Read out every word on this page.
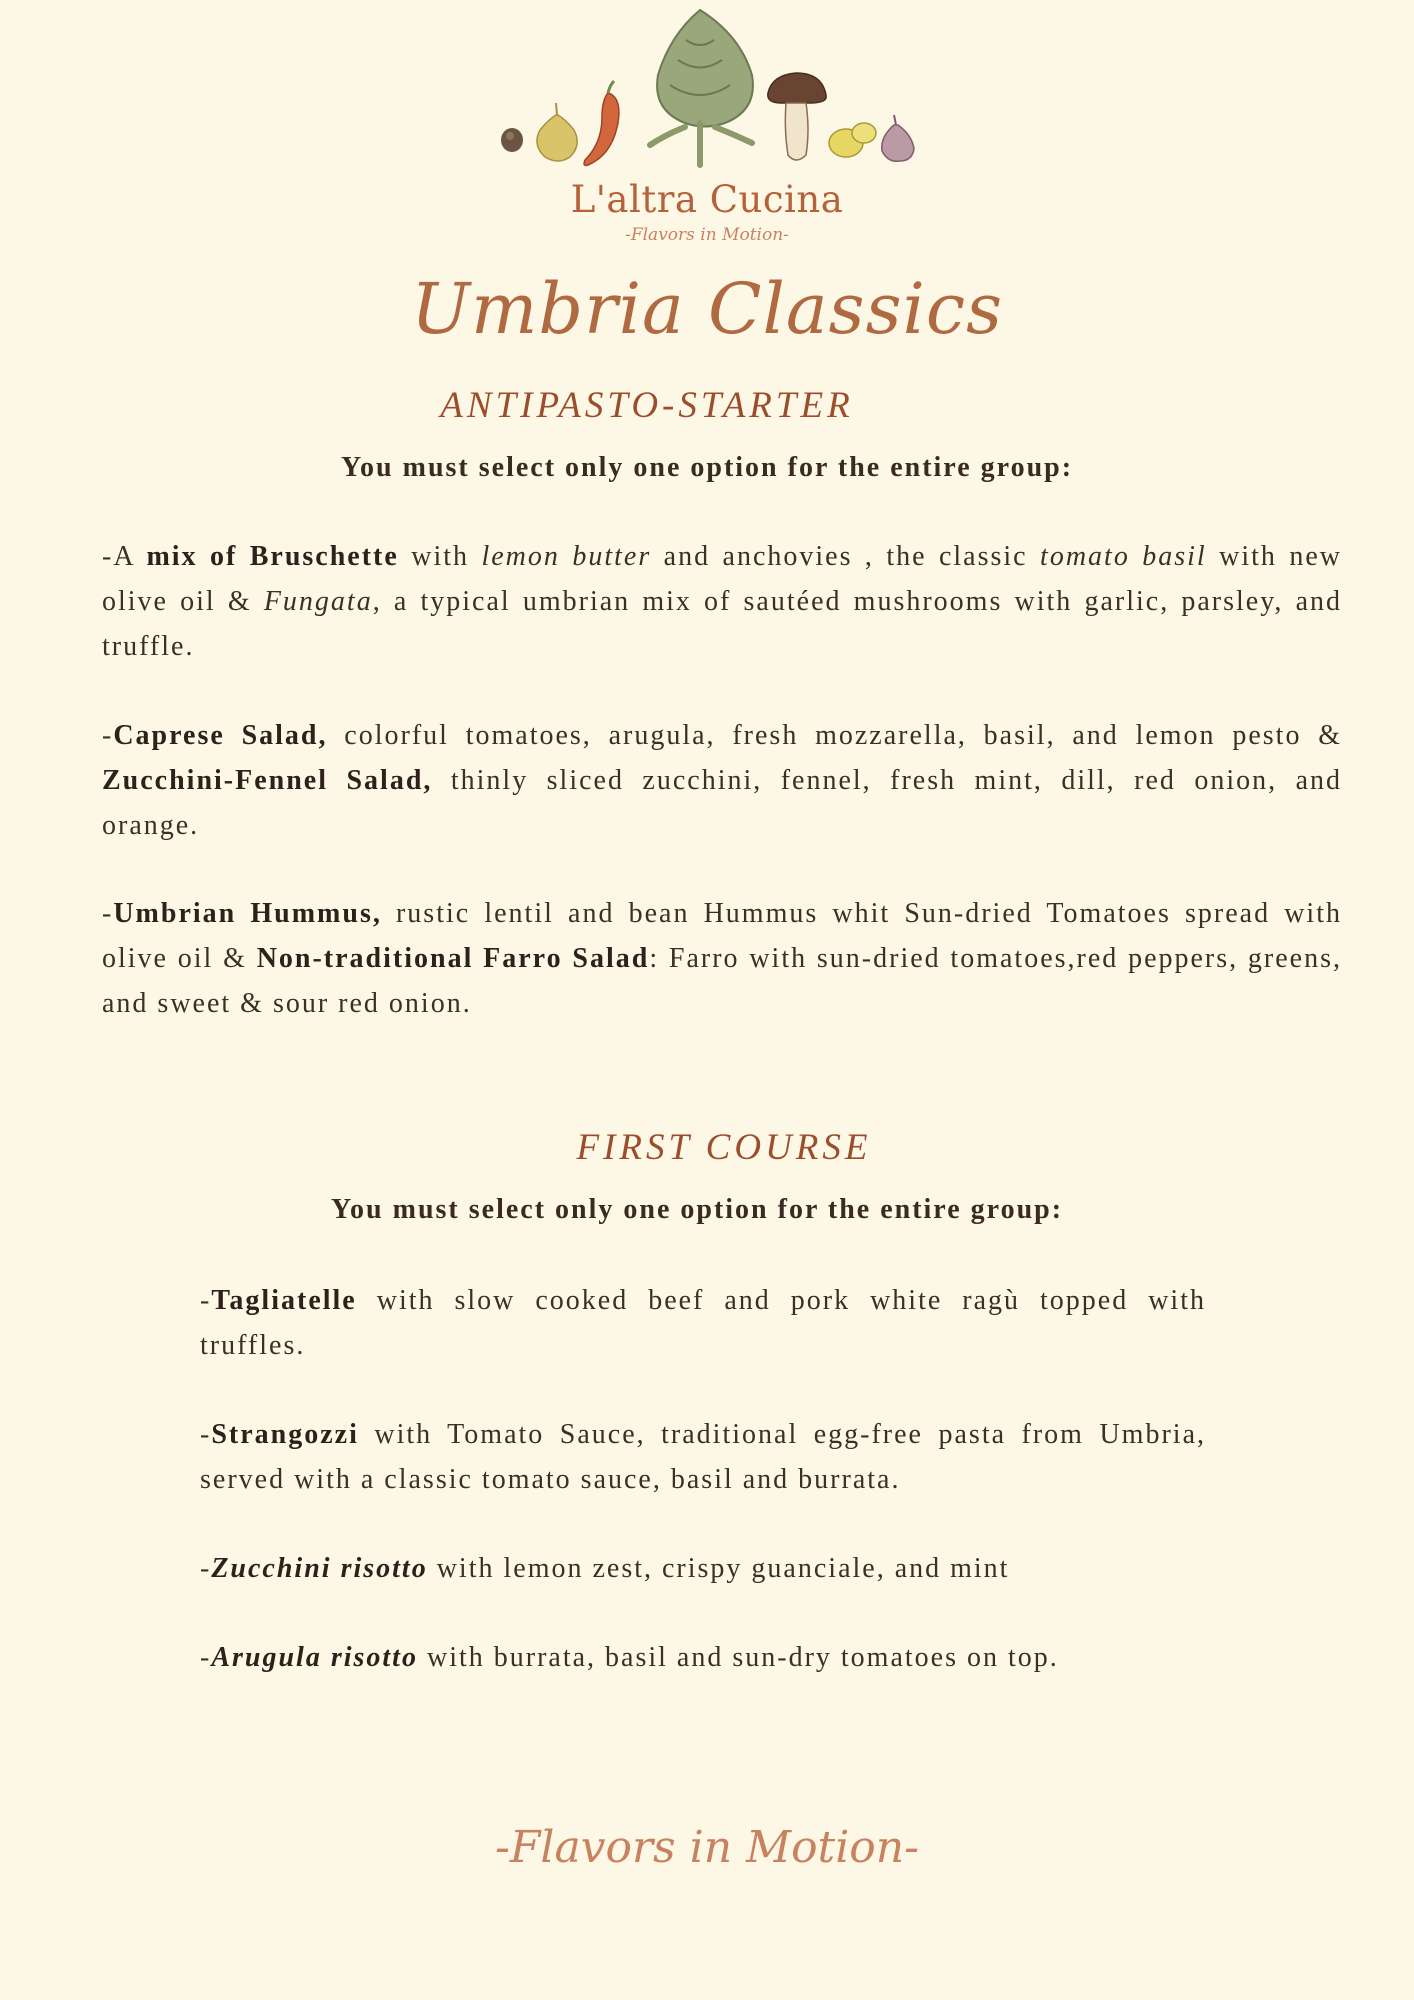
L'altra Cucina
-Flavors in Motion-
Umbria Classics
ANTIPASTO-STARTER
You must select only one option for the entire group:

-A mix of Bruschette with lemon butter and anchovies , the classic tomato basil with new olive oil & Fungata, a typical umbrian mix of sautéed mushrooms with garlic, parsley, and truffle.

-Caprese Salad, colorful tomatoes, arugula, fresh mozzarella, basil, and lemon pesto & Zucchini-Fennel Salad, thinly sliced zucchini, fennel, fresh mint, dill, red onion, and orange.

-Umbrian Hummus, rustic lentil and bean Hummus whit Sun-dried Tomatoes spread with olive oil & Non-traditional Farro Salad: Farro with sun-dried tomatoes,red peppers, greens, and sweet & sour red onion.

FIRST COURSE
You must select only one option for the entire group:

-Tagliatelle with slow cooked beef and pork white ragù topped with truffles.

-Strangozzi with Tomato Sauce, traditional egg-free pasta from Umbria, served with a classic tomato sauce, basil and burrata.

-Zucchini risotto with lemon zest, crispy guanciale, and mint

-Arugula risotto with burrata, basil and sun-dry tomatoes on top.

-Flavors in Motion-
